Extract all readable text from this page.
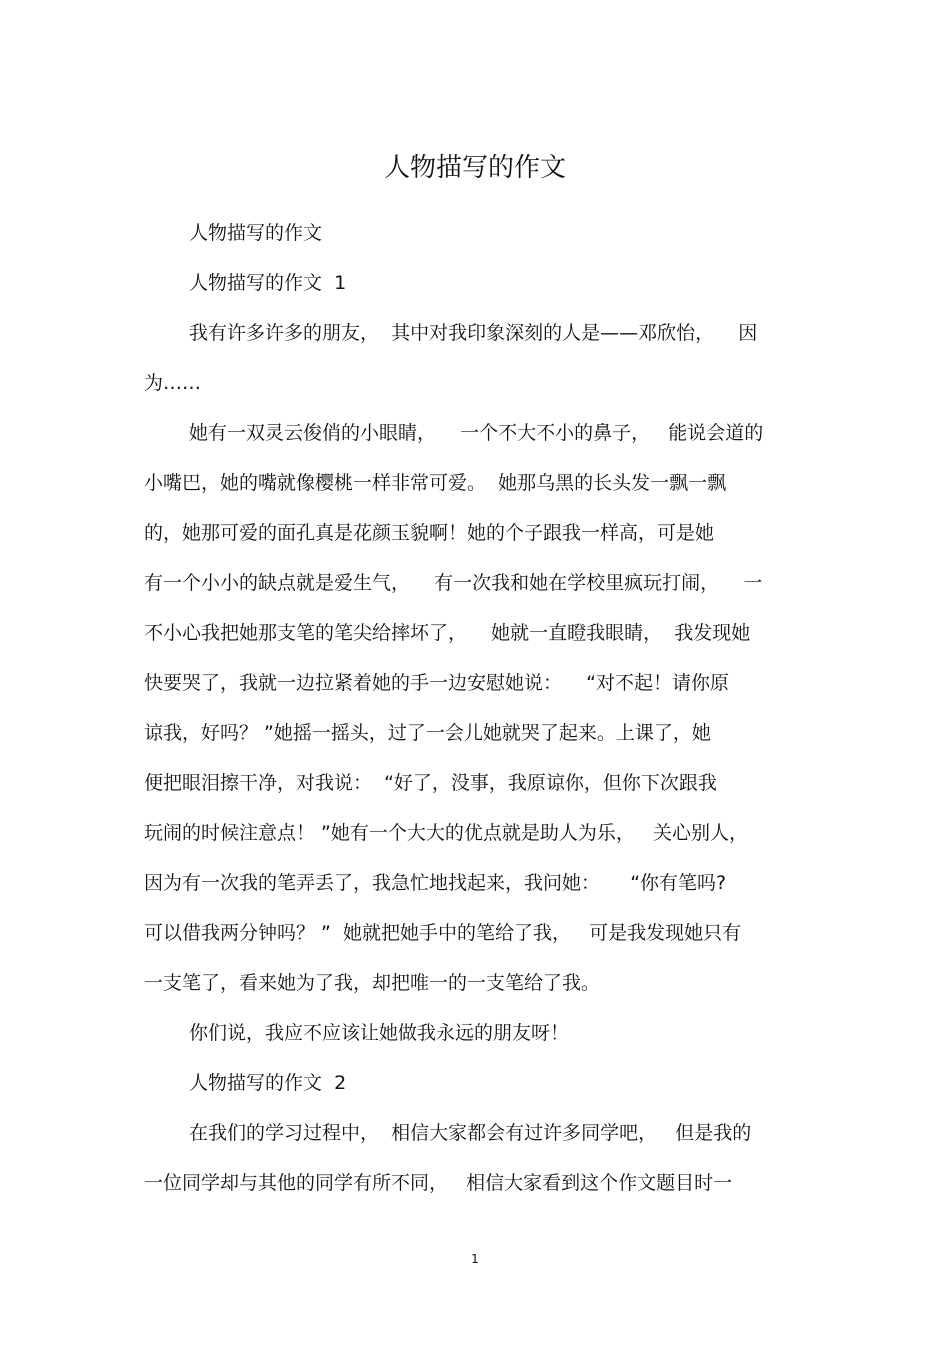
人物描写的作文
人物描写的作文
人物描写的作文  1
我有许多许多的朋友，  其中对我印象深刻的人是——邓欣怡，    因
为……
她有一双灵云俊俏的小眼睛，    一个不大不小的鼻子，   能说会道的
小嘴巴，她的嘴就像樱桃一样非常可爱。  她那乌黑的长头发一飘一飘
的，她那可爱的面孔真是花颜玉貌啊！她的个子跟我一样高，可是她
有一个小小的缺点就是爱生气，    有一次我和她在学校里疯玩打闹，    一
不小心我把她那支笔的笔尖给摔坏了，    她就一直瞪我眼睛，  我发现她
快要哭了，我就一边拉紧着她的手一边安慰她说：    “对不起！请你原
谅我，好吗？ ”她摇一摇头，过了一会儿她就哭了起来。上课了，她
便把眼泪擦干净，对我说：  “好了，没事，我原谅你，但你下次跟我
玩闹的时候注意点！ ”她有一个大大的优点就是助人为乐，   关心别人，
因为有一次我的笔弄丢了，我急忙地找起来，我问她：     “你有笔吗?
可以借我两分钟吗？ ”  她就把她手中的笔给了我，   可是我发现她只有
一支笔了，看来她为了我，却把唯一的一支笔给了我。
你们说，我应不应该让她做我永远的朋友呀！
人物描写的作文  2
在我们的学习过程中，  相信大家都会有过许多同学吧，   但是我的
一位同学却与其他的同学有所不同，   相信大家看到这个作文题目时一
1
